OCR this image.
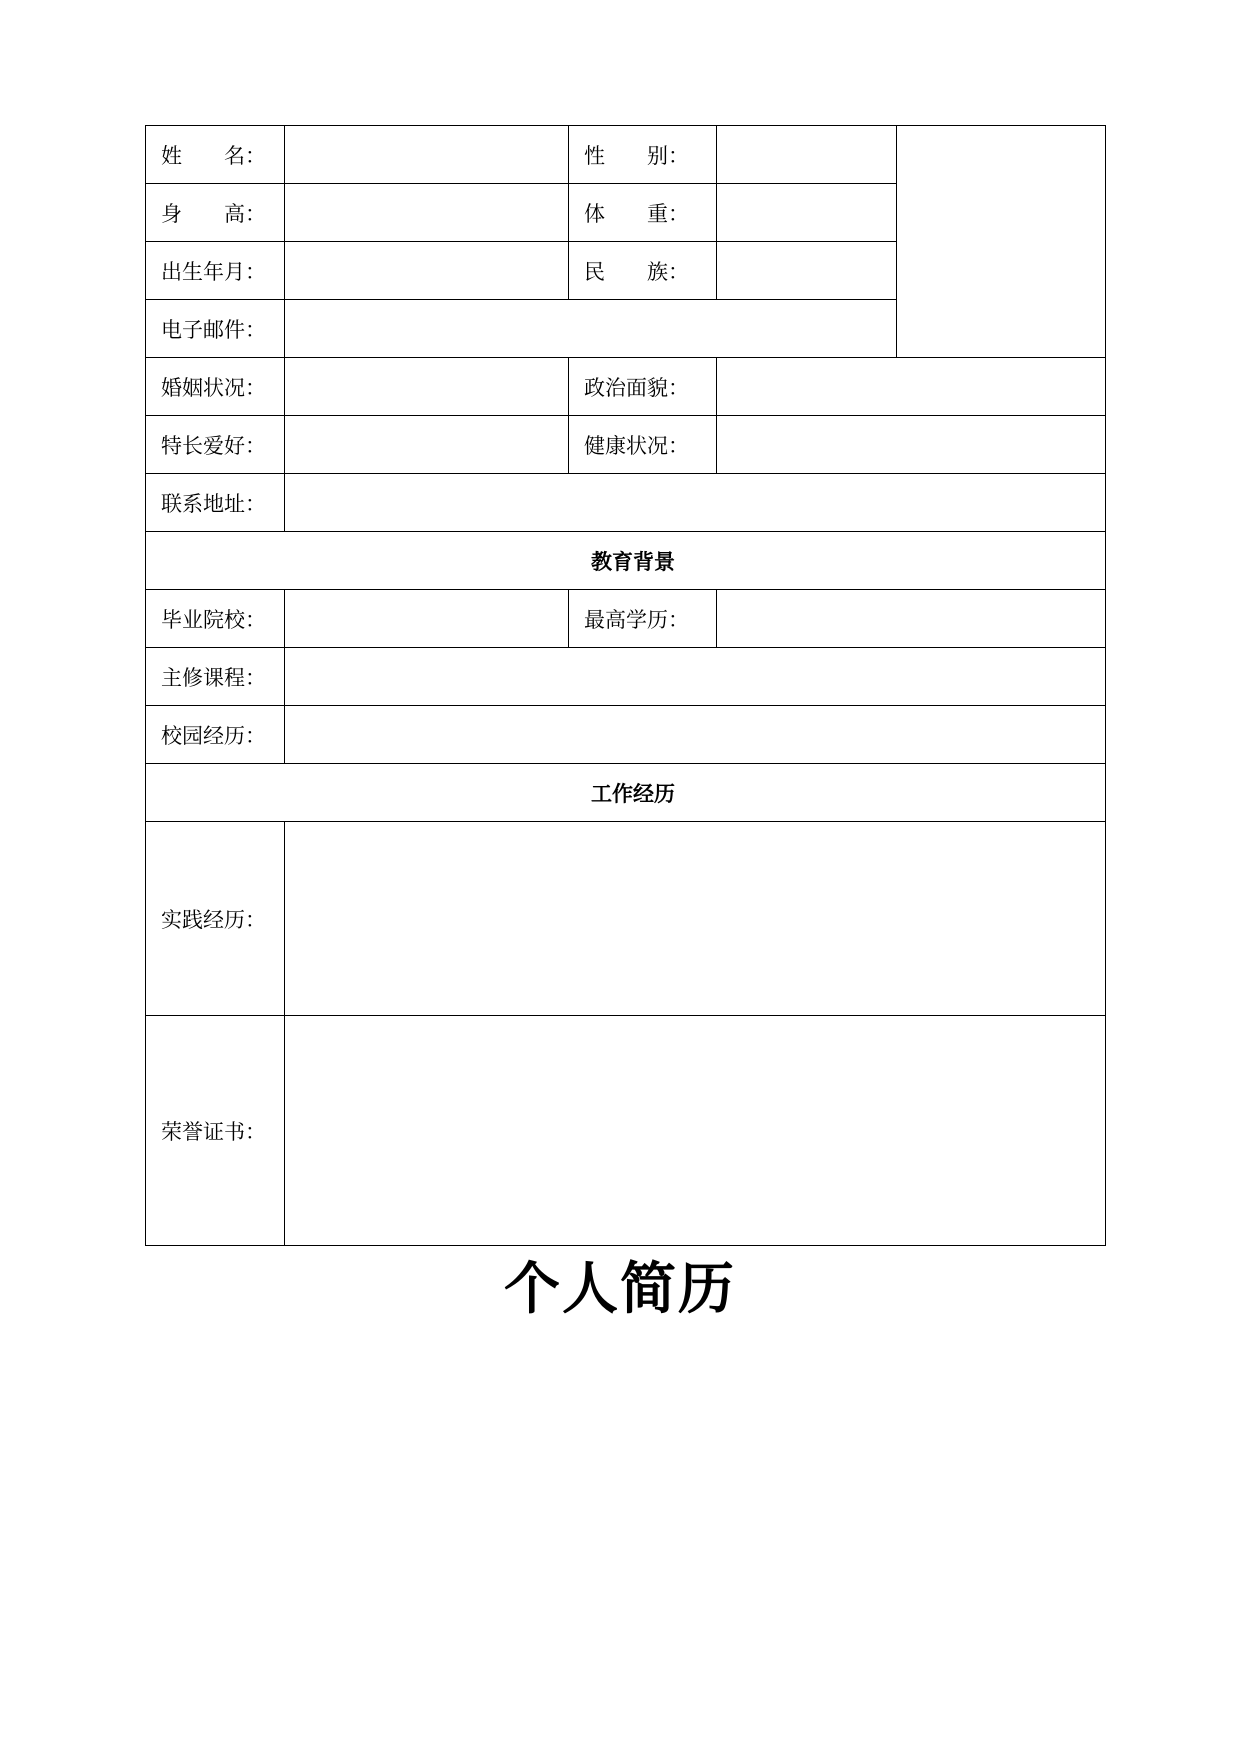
姓　　名：		性　　别：		
身　　高：		体　　重：		
出生年月：		民　　族：		
电子邮件：				
婚姻状况：		政治面貌：		
特长爱好：		健康状况：		
联系地址：				
教育背景				
毕业院校：		最高学历：		
主修课程：				
校园经历：				
工作经历				
实践经历：				
荣誉证书：				
个人简历
